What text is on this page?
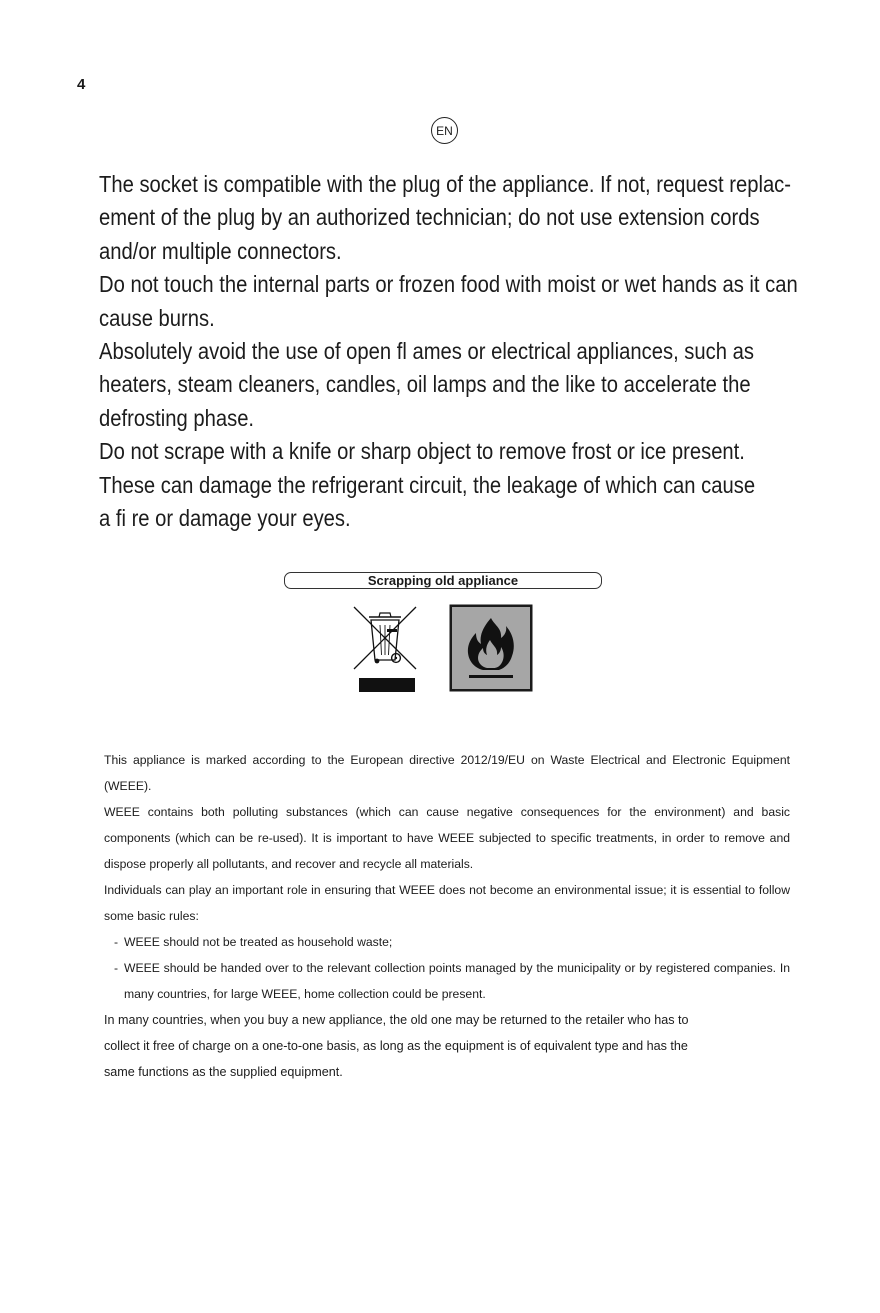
4
EN

The socket is compatible with the plug of the appliance. If not, request replac-

ement of the plug by an authorized technician; do not use extension cords

and/or multiple connectors.

Do not touch the internal parts or frozen food with moist or wet hands as it can

cause burns.

Absolutely avoid the use of open fl ames or electrical appliances, such as

heaters, steam cleaners, candles, oil lamps and the like to accelerate the

defrosting phase.

Do not scrape with a knife or sharp object to remove frost or ice present.

These can damage the refrigerant circuit, the leakage of which can cause

a fi re or damage your eyes.

Scrapping old appliance

This appliance is marked according to the European directive 2012/19/EU on Waste Electrical and Electronic Equipment (WEEE).

WEEE contains both polluting substances (which can cause negative consequences for the environment) and basic components (which can be re-used). It is important to have WEEE subjected to specific treatments, in order to remove and dispose properly all pollutants, and recover and recycle all materials.

Individuals can play an important role in ensuring that WEEE does not become an environmental issue; it is essential to follow some basic rules:

- WEEE should not be treated as household waste;
- WEEE should be handed over to the relevant collection points managed by the municipality or by registered companies. In many countries, for large WEEE, home collection could be present.
In many countries, when you buy a new appliance, the old one may be returned to the retailer who has to
collect it free of charge on a one-to-one basis, as long as the equipment is of equivalent type and has the
same functions as the supplied equipment.
